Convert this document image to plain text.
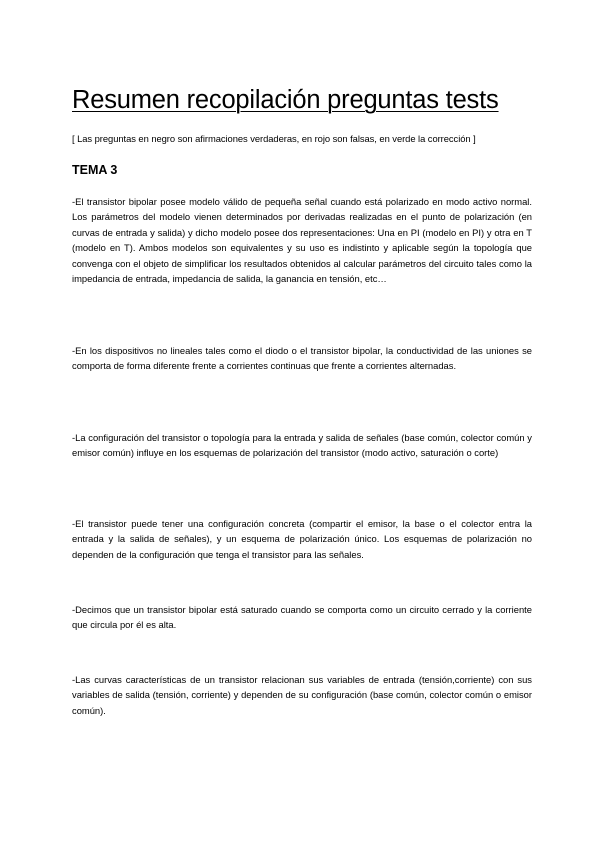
Resumen recopilación preguntas tests
[ Las preguntas en negro son afirmaciones verdaderas, en rojo son falsas, en verde la corrección ]
TEMA 3
-El transistor bipolar posee modelo válido de pequeña señal cuando está polarizado en modo activo normal. Los parámetros del modelo vienen determinados por derivadas realizadas en el punto de polarización (en curvas de entrada y salida) y dicho modelo posee dos representaciones: Una en PI (modelo en PI) y otra en T (modelo en T). Ambos modelos son equivalentes y su uso es indistinto y aplicable según la topología que convenga con el objeto de simplificar los resultados obtenidos al calcular parámetros del circuito tales como la impedancia de entrada, impedancia de salida, la ganancia en tensión, etc…
-En los dispositivos no lineales tales como el diodo o el transistor bipolar, la conductividad de las uniones se comporta de forma diferente frente a corrientes continuas que frente a corrientes alternadas.
-La configuración del transistor o topología para la entrada y salida de señales (base común, colector común y emisor común) influye en los esquemas de polarización del transistor (modo activo, saturación o corte)
-El transistor puede tener una configuración concreta (compartir el emisor, la base o el colector entra la entrada y la salida de señales), y un esquema de polarización único. Los esquemas de polarización no dependen de la configuración que tenga el transistor para las señales.
-Decimos que un transistor bipolar está saturado cuando se comporta como un circuito cerrado y la corriente que circula por él es alta.
-Las curvas características de un transistor relacionan sus variables de entrada (tensión,corriente) con sus variables de salida (tensión, corriente) y dependen de su configuración (base común, colector común o emisor común).
